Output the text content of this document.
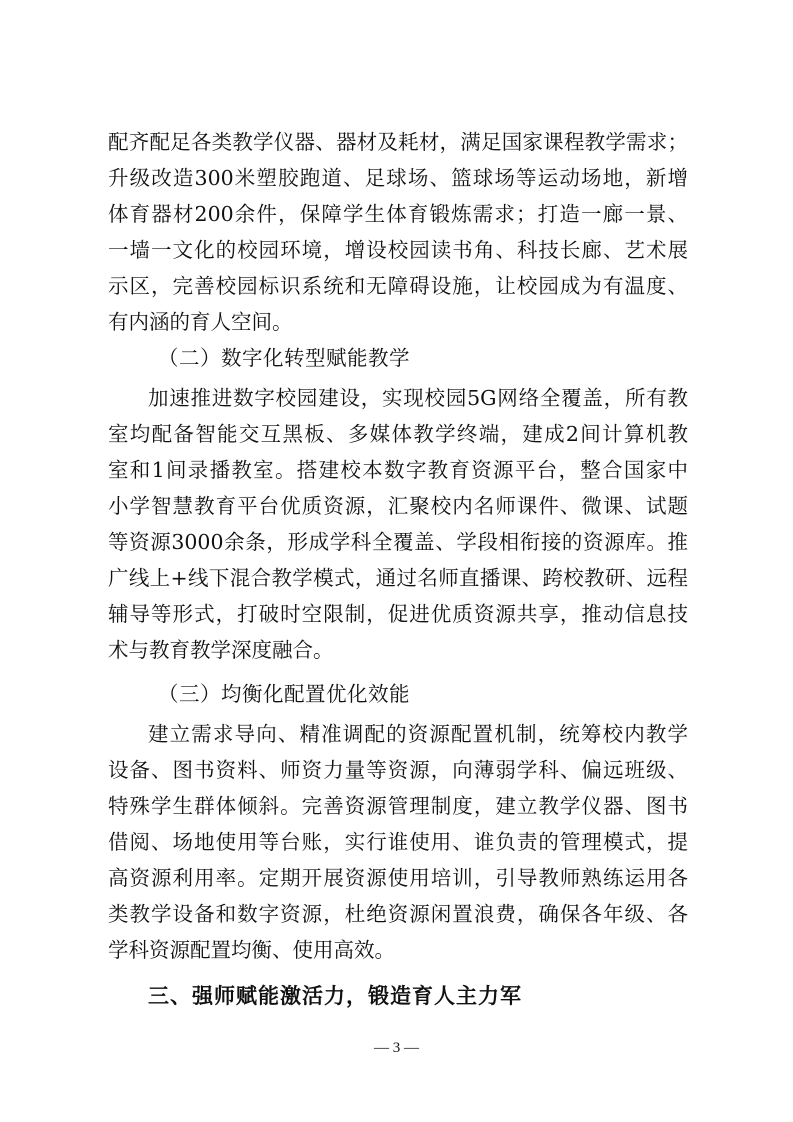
配齐配足各类教学仪器、器材及耗材，满足国家课程教学需求；
升级改造300米塑胶跑道、足球场、篮球场等运动场地，新增
体育器材200余件，保障学生体育锻炼需求；打造一廊一景、
一墙一文化的校园环境，增设校园读书角、科技长廊、艺术展
示区，完善校园标识系统和无障碍设施，让校园成为有温度、
有内涵的育人空间。
（二）数字化转型赋能教学
加速推进数字校园建设，实现校园5G网络全覆盖，所有教
室均配备智能交互黑板、多媒体教学终端，建成2间计算机教
室和1间录播教室。搭建校本数字教育资源平台，整合国家中
小学智慧教育平台优质资源，汇聚校内名师课件、微课、试题
等资源3000余条，形成学科全覆盖、学段相衔接的资源库。推
广线上+线下混合教学模式，通过名师直播课、跨校教研、远程
辅导等形式，打破时空限制，促进优质资源共享，推动信息技
术与教育教学深度融合。
（三）均衡化配置优化效能
建立需求导向、精准调配的资源配置机制，统筹校内教学
设备、图书资料、师资力量等资源，向薄弱学科、偏远班级、
特殊学生群体倾斜。完善资源管理制度，建立教学仪器、图书
借阅、场地使用等台账，实行谁使用、谁负责的管理模式，提
高资源利用率。定期开展资源使用培训，引导教师熟练运用各
类教学设备和数字资源，杜绝资源闲置浪费，确保各年级、各
学科资源配置均衡、使用高效。
三、强师赋能激活力，锻造育人主力军
— 3 —
